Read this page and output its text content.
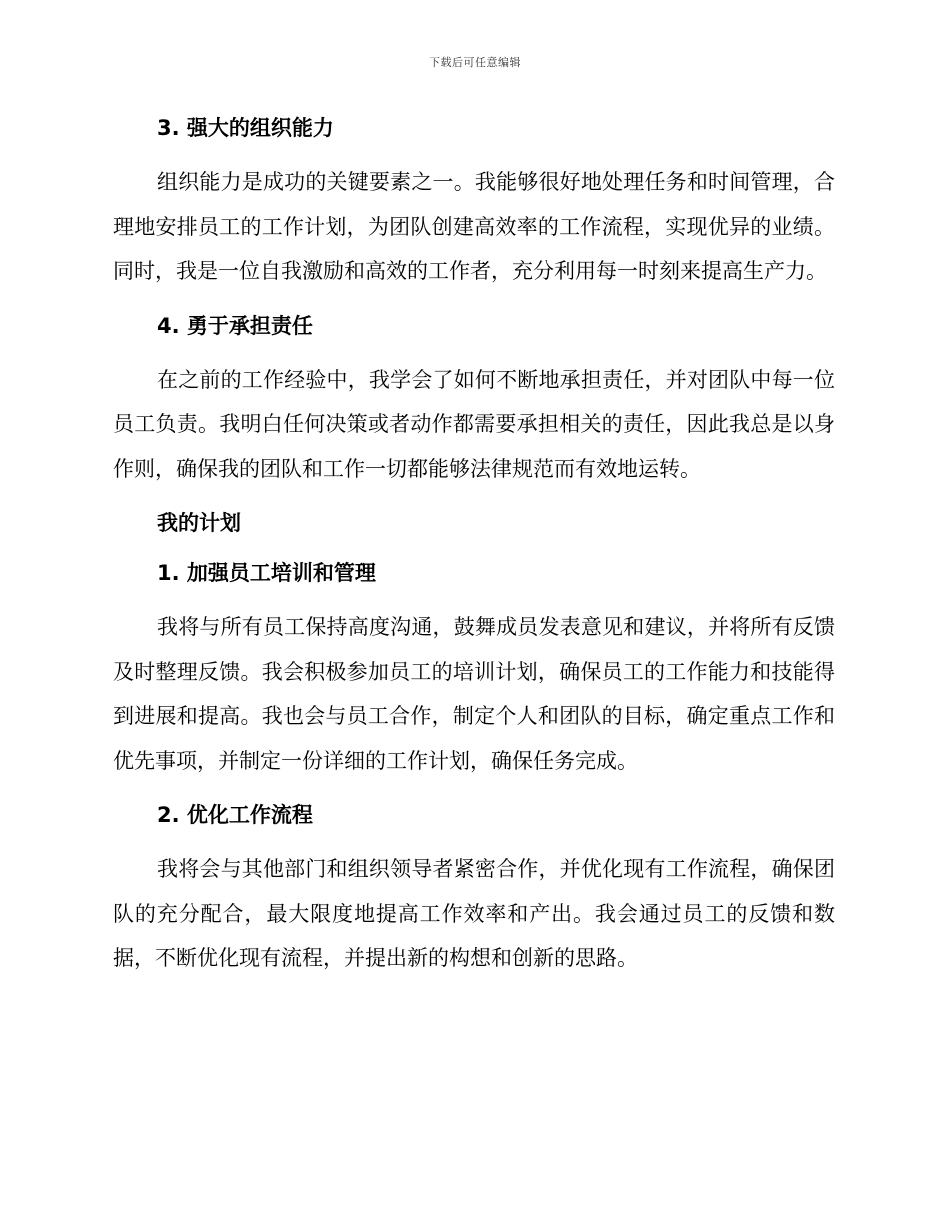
下载后可任意编辑
3. 强大的组织能力

组织能力是成功的关键要素之一。我能够很好地处理任务和时间管理，合理地安排员工的工作计划，为团队创建高效率的工作流程，实现优异的业绩。同时，我是一位自我激励和高效的工作者，充分利用每一时刻来提高生产力。

4. 勇于承担责任

在之前的工作经验中，我学会了如何不断地承担责任，并对团队中每一位员工负责。我明白任何决策或者动作都需要承担相关的责任，因此我总是以身作则，确保我的团队和工作一切都能够法律规范而有效地运转。

我的计划
1. 加强员工培训和管理

我将与所有员工保持高度沟通，鼓舞成员发表意见和建议，并将所有反馈及时整理反馈。我会积极参加员工的培训计划，确保员工的工作能力和技能得到进展和提高。我也会与员工合作，制定个人和团队的目标，确定重点工作和优先事项，并制定一份详细的工作计划，确保任务完成。

2. 优化工作流程

我将会与其他部门和组织领导者紧密合作，并优化现有工作流程，确保团队的充分配合，最大限度地提高工作效率和产出。我会通过员工的反馈和数据，不断优化现有流程，并提出新的构想和创新的思路。
